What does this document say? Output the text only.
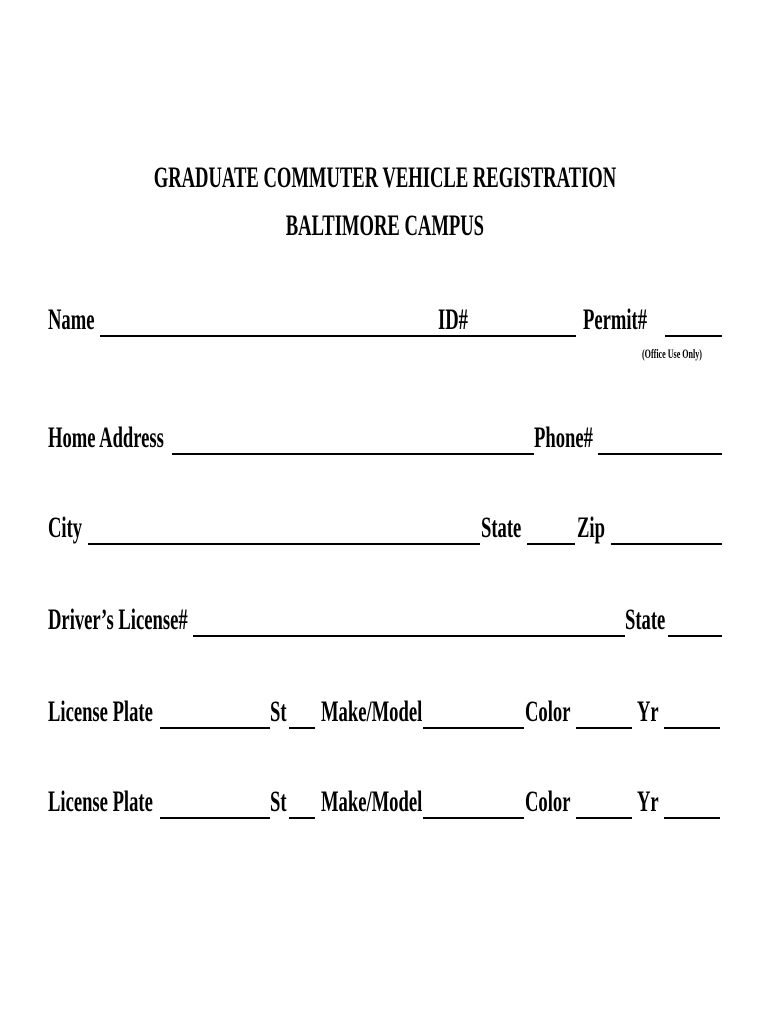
GRADUATE COMMUTER VEHICLE REGISTRATION
BALTIMORE CAMPUS
Name	ID#	Permit#
(Office Use Only)
Home Address	Phone#
City	State	Zip
Driver’s License#	State
License Plate	St	Make/Model	Color	Yr
License Plate	St	Make/Model	Color	Yr
